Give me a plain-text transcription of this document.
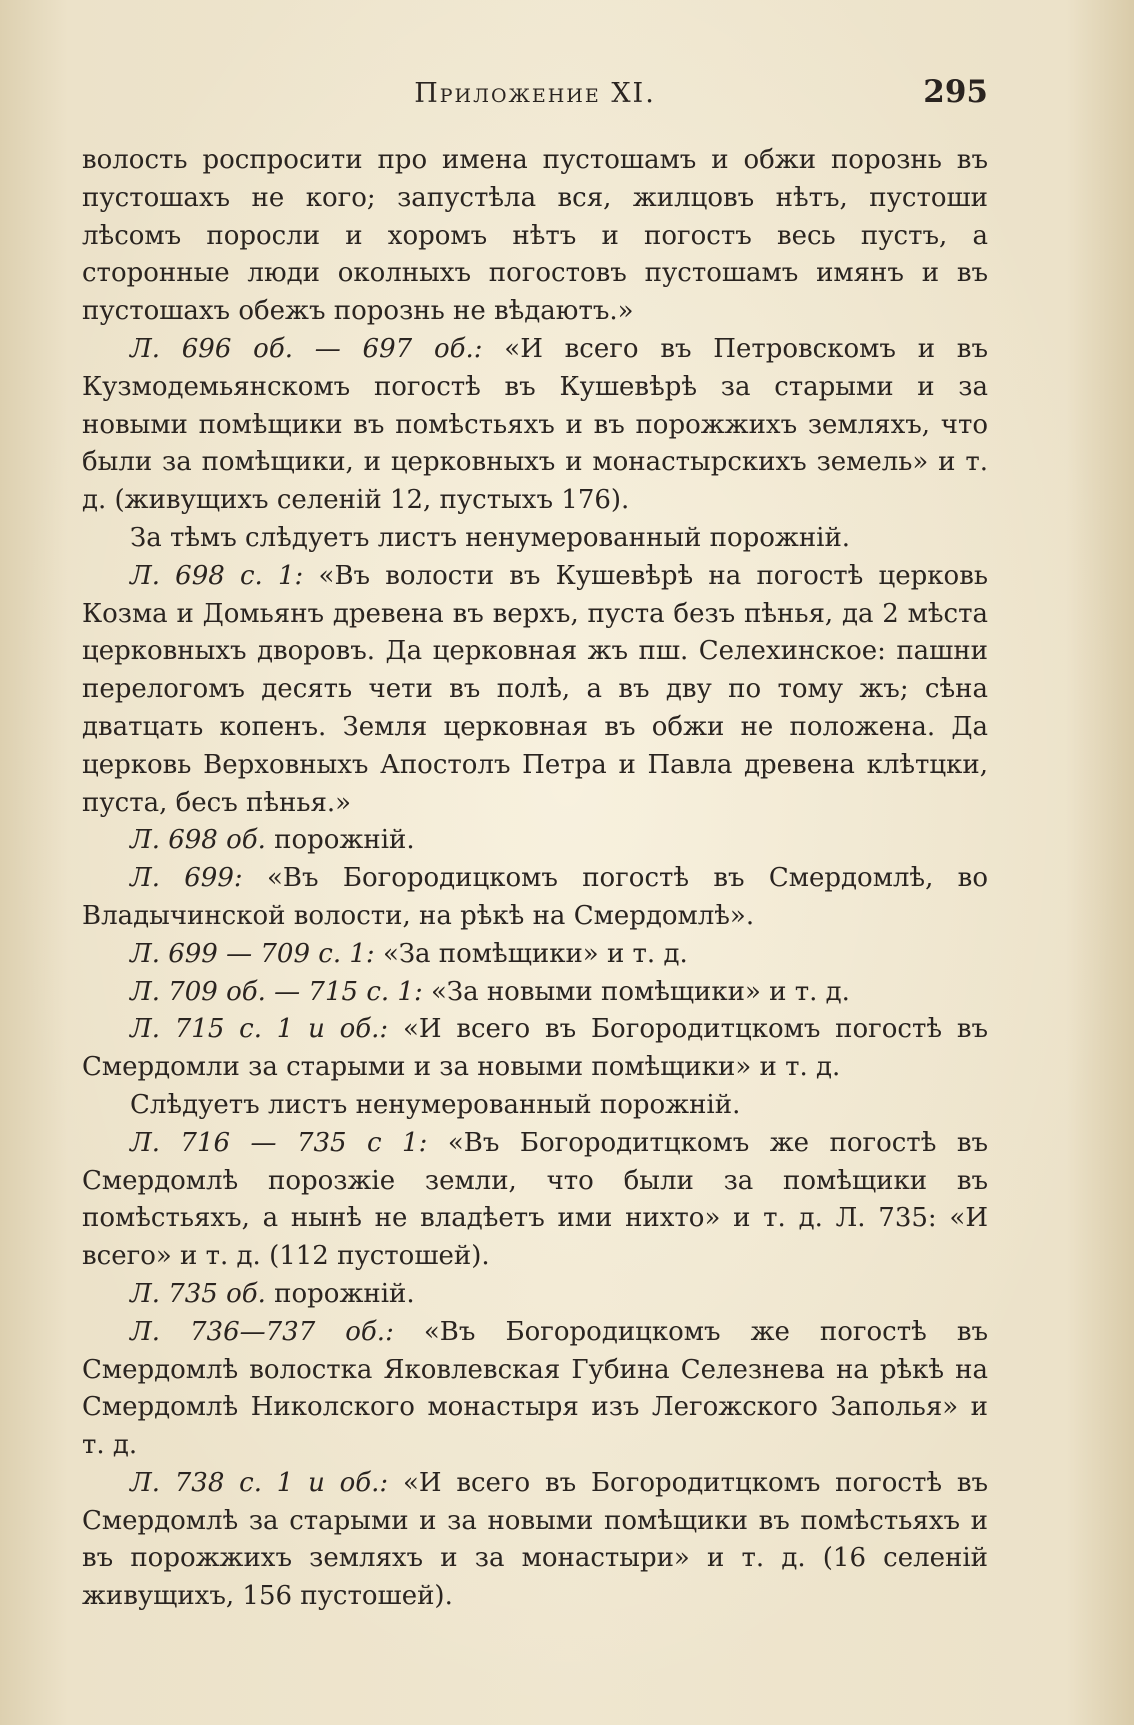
Приложение XI.	295

волость роспросити про имена пустошамъ и обжи порознь въ пустошахъ не кого; запустѣла вся, жилцовъ нѣтъ, пустоши лѣсомъ поросли и хоромъ нѣтъ и погостъ весь пустъ, а сторонные люди околныхъ погостовъ пустошамъ имянъ и въ пустошахъ обежъ порознь не вѣдаютъ.»

Л. 696 об. — 697 об.: «И всего въ Петровскомъ и въ Кузмодемьянскомъ погостѣ въ Кушевѣрѣ за старыми и за новыми помѣщики въ помѣстьяхъ и въ порожжихъ земляхъ, что были за помѣщики, и церковныхъ и монастырскихъ земель» и т. д. (живущихъ селенiй 12, пустыхъ 176).

За тѣмъ слѣдуетъ листъ ненумерованный порожнiй.

Л. 698 с. 1: «Въ волости въ Кушевѣрѣ на погостѣ церковь Козма и Домьянъ древена въ верхъ, пуста безъ пѣнья, да 2 мѣста церковныхъ дворовъ. Да церковная жъ пш. Селехинское: пашни перелогомъ десять чети въ полѣ, а въ дву по тому жъ; сѣна дватцать копенъ. Земля церковная въ обжи не положена. Да церковь Верховныхъ Апостолъ Петра и Павла древена клѣтцки, пуста, бесъ пѣнья.»

Л. 698 об. порожнiй.

Л. 699: «Въ Богородицкомъ погостѣ въ Смердомлѣ, во Владычинской волости, на рѣкѣ на Смердомлѣ».

Л. 699 — 709 с. 1: «За помѣщики» и т. д.

Л. 709 об. — 715 с. 1: «За новыми помѣщики» и т. д.

Л. 715 с. 1 и об.: «И всего въ Богородитцкомъ погостѣ въ Смердомли за старыми и за новыми помѣщики» и т. д.

Слѣдуетъ листъ ненумерованный порожнiй.

Л. 716 — 735 с 1: «Въ Богородитцкомъ же погостѣ въ Смердомлѣ порозжiе земли, что были за помѣщики въ помѣстьяхъ, а нынѣ не владѣетъ ими нихто» и т. д. Л. 735: «И всего» и т. д. (112 пустошей).

Л. 735 об. порожнiй.

Л. 736—737 об.: «Въ Богородицкомъ же погостѣ въ Смердомлѣ волостка Яковлевская Губина Селезнева на рѣкѣ на Смердомлѣ Николского монастыря изъ Легожского Заполья» и т. д.

Л. 738 с. 1 и об.: «И всего въ Богородитцкомъ погостѣ въ Смердомлѣ за старыми и за новыми помѣщики въ помѣстьяхъ и въ порожжихъ земляхъ и за монастыри» и т. д. (16 селенiй живущихъ, 156 пустошей).
